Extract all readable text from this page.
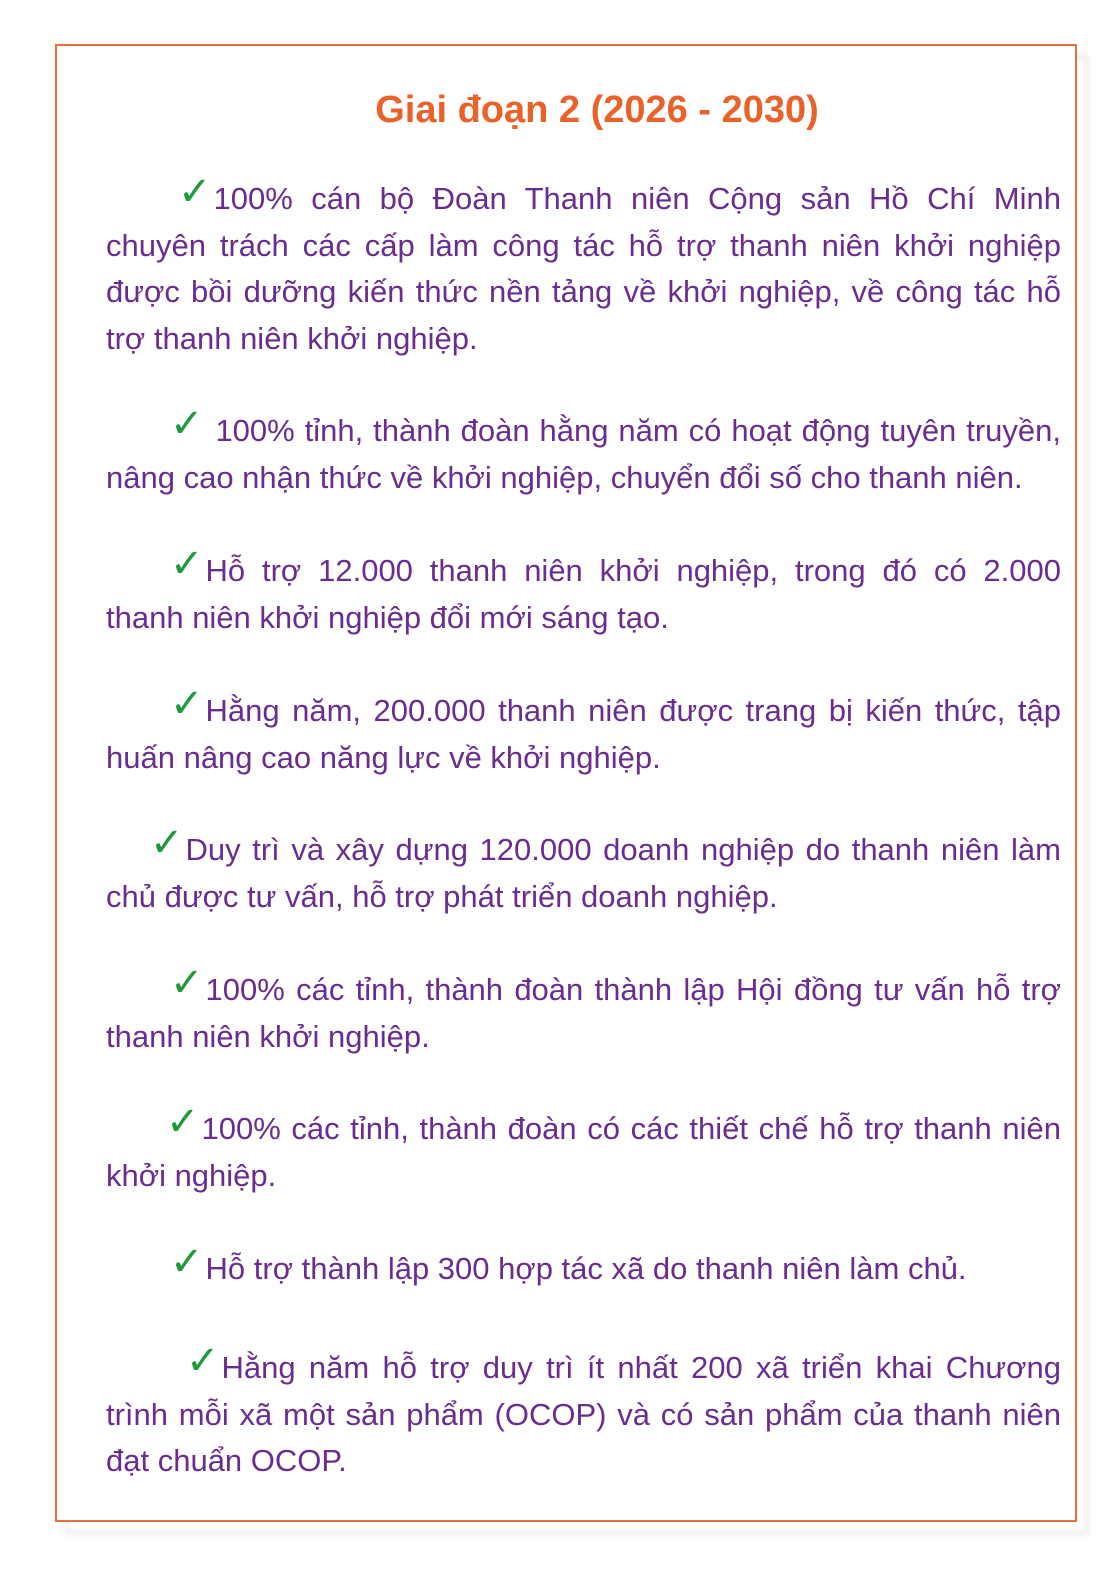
Giai đoạn 2 (2026 - 2030)
✓100% cán bộ Đoàn Thanh niên Cộng sản Hồ Chí Minh chuyên trách các cấp làm công tác hỗ trợ thanh niên khởi nghiệp được bồi dưỡng kiến thức nền tảng về khởi nghiệp, về công tác hỗ trợ thanh niên khởi nghiệp.
✓ 100% tỉnh, thành đoàn hằng năm có hoạt động tuyên truyền, nâng cao nhận thức về khởi nghiệp, chuyển đổi số cho thanh niên.
✓Hỗ trợ 12.000 thanh niên khởi nghiệp, trong đó có 2.000 thanh niên khởi nghiệp đổi mới sáng tạo.
✓Hằng năm, 200.000 thanh niên được trang bị kiến thức, tập huấn nâng cao năng lực về khởi nghiệp.
✓Duy trì và xây dựng 120.000 doanh nghiệp do thanh niên làm chủ được tư vấn, hỗ trợ phát triển doanh nghiệp.
✓100% các tỉnh, thành đoàn thành lập Hội đồng tư vấn hỗ trợ thanh niên khởi nghiệp.
✓100% các tỉnh, thành đoàn có các thiết chế hỗ trợ thanh niên khởi nghiệp.
✓Hỗ trợ thành lập 300 hợp tác xã do thanh niên làm chủ.
✓Hằng năm hỗ trợ duy trì ít nhất 200 xã triển khai Chương trình mỗi xã một sản phẩm (OCOP) và có sản phẩm của thanh niên đạt chuẩn OCOP.
